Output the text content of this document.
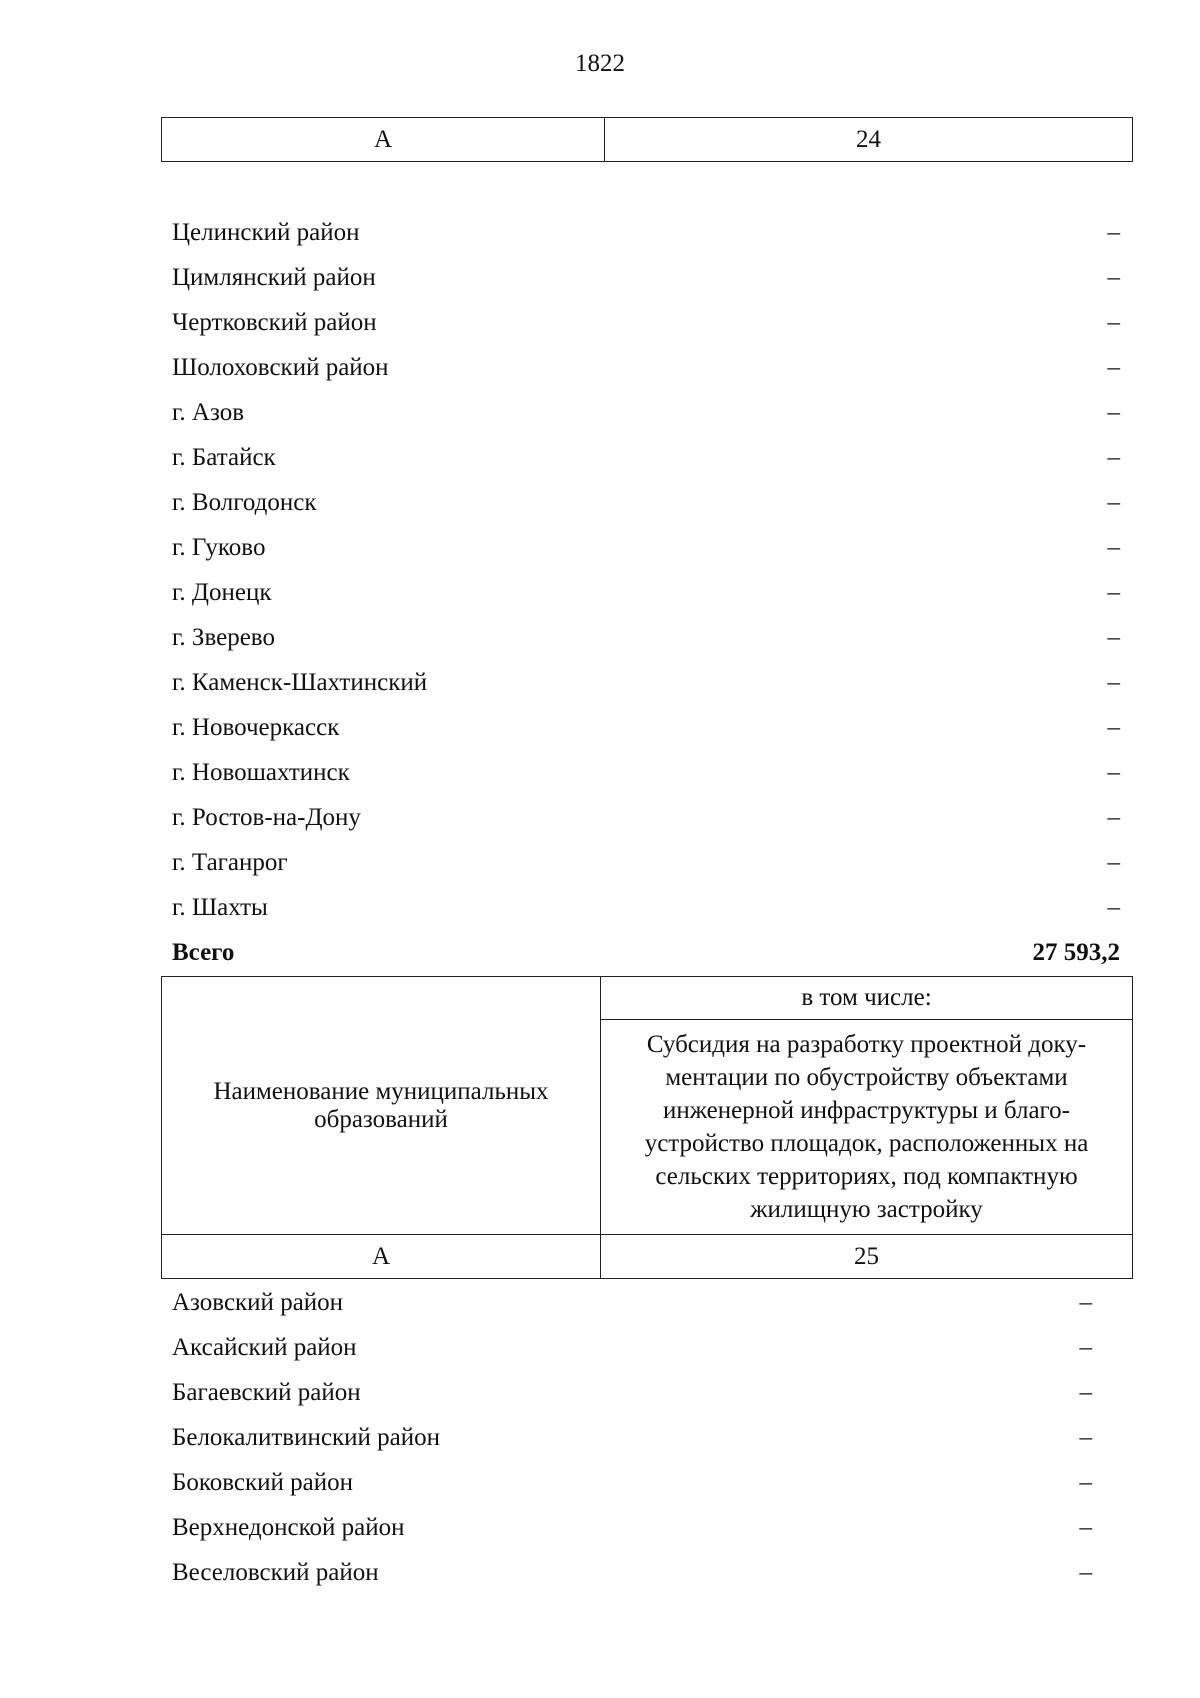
1822
А	24
Целинский район	–
Цимлянский район	–
Чертковский район	–
Шолоховский район	–
г. Азов	–
г. Батайск	–
г. Волгодонск	–
г. Гуково	–
г. Донецк	–
г. Зверево	–
г. Каменск-Шахтинский	–
г. Новочеркасск	–
г. Новошахтинск	–
г. Ростов-на-Дону	–
г. Таганрог	–
г. Шахты	–
Всего	27 593,2
Наименование муниципальных образований	в том числе:
	Субсидия на разработку проектной доку-ментации по обустройству объектами инженерной инфраструктуры и благо-устройство площадок, расположенных на сельских территориях, под компактную жилищную застройку
А	25
Азовский район	–
Аксайский район	–
Багаевский район	–
Белокалитвинский район	–
Боковский район	–
Верхнедонской район	–
Веселовский район	–
